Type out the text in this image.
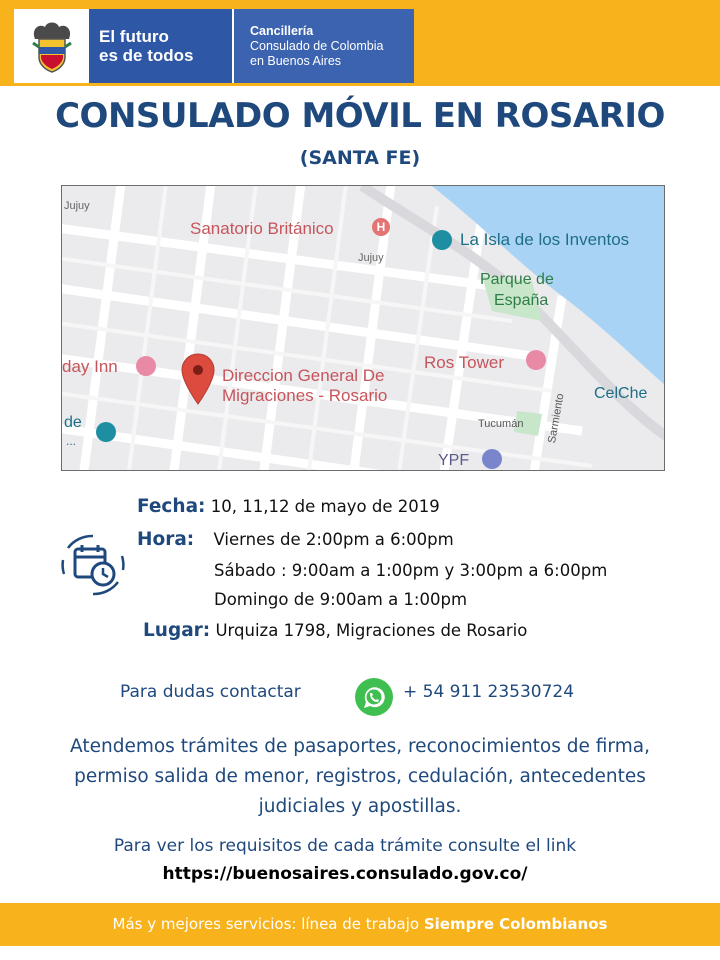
El futuro
es de todos
Cancillería
Consulado de Colombia
en Buenos Aires
CONSULADO MÓVIL EN ROSARIO
(SANTA FE)
Jujuy
Jujuy
Sanatorio Británico	H
La Isla de los Inventos
Parque de
España
day Inn	Direccion General De
Migraciones - Rosario
Ros Tower
CelChe
Tucumán Sarmiento
YPF
de
...
Fecha: 10, 11,12 de mayo de 2019
Hora: Viernes de 2:00pm a 6:00pm
Sábado : 9:00am a 1:00pm y 3:00pm a 6:00pm
Domingo de 9:00am a 1:00pm
Lugar: Urquiza 1798, Migraciones de Rosario
Para dudas contactar	+ 54 911 23530724
Atendemos trámites de pasaportes, reconocimientos de firma,
permiso salida de menor, registros, cedulación, antecedentes
judiciales y apostillas.
Para ver los requisitos de cada trámite consulte el link
https://buenosaires.consulado.gov.co/
Más y mejores servicios: línea de trabajo Siempre Colombianos
